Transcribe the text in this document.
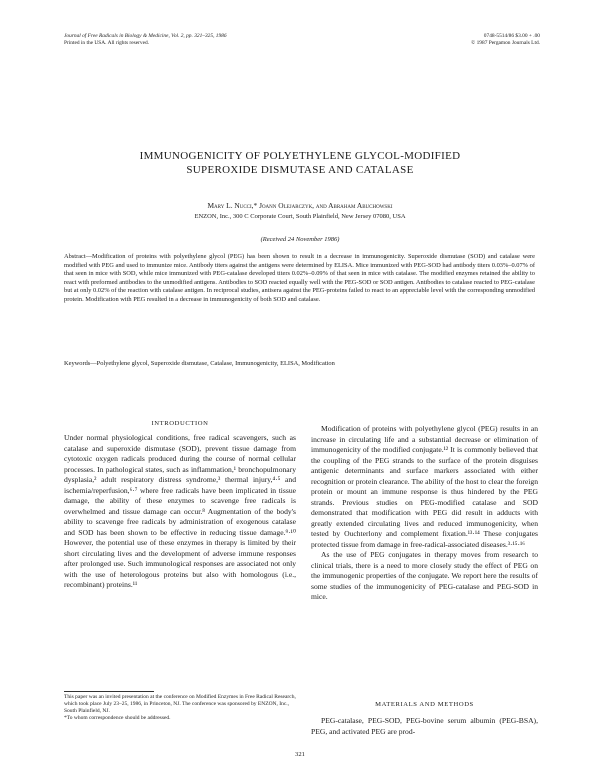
Journal of Free Radicals in Biology & Medicine, Vol. 2, pp. 321–325, 1986
Printed in the USA. All rights reserved.
0748-5514/86 $3.00 + .00
© 1987 Pergamon Journals Ltd.
IMMUNOGENICITY OF POLYETHYLENE GLYCOL-MODIFIED
SUPEROXIDE DISMUTASE AND CATALASE
Mary L. Nucci,* Joann Olejarczyk, and Abraham Abuchowski
ENZON, Inc., 300 C Corporate Court, South Plainfield, New Jersey 07080, USA
(Received 24 November 1986)
Abstract—Modification of proteins with polyethylene glycol (PEG) has been shown to result in a decrease in immunogenicity. Superoxide dismutase (SOD) and catalase were modified with PEG and used to immunize mice. Antibody titers against the antigens were determined by ELISA. Mice immunized with PEG-SOD had antibody titers 0.03%–0.07% of that seen in mice with SOD, while mice immunized with PEG-catalase developed titers 0.02%–0.09% of that seen in mice with catalase. The modified enzymes retained the ability to react with preformed antibodies to the unmodified antigens. Antibodies to SOD reacted equally well with the PEG-SOD or SOD antigen. Antibodies to catalase reacted to PEG-catalase but at only 0.02% of the reaction with catalase antigen. In reciprocal studies, antisera against the PEG-proteins failed to react to an appreciable level with the corresponding unmodified protein. Modification with PEG resulted in a decrease in immunogenicity of both SOD and catalase.
Keywords—Polyethylene glycol, Superoxide dismutase, Catalase, Immunogenicity, ELISA, Modification
INTRODUCTION
Under normal physiological conditions, free radical scavengers, such as catalase and superoxide dismutase (SOD), prevent tissue damage from cytotoxic oxygen radicals produced during the course of normal cellular processes. In pathological states, such as inflammation,¹ bronchopulmonary dysplasia,² adult respiratory distress syndrome,³ thermal injury,⁴·⁵ and ischemia/reperfusion,⁶·⁷ where free radicals have been implicated in tissue damage, the ability of these enzymes to scavenge free radicals is overwhelmed and tissue damage can occur.⁸ Augmentation of the body's ability to scavenge free radicals by administration of exogenous catalase and SOD has been shown to be effective in reducing tissue damage.⁹·¹⁰ However, the potential use of these enzymes in therapy is limited by their short circulating lives and the development of adverse immune responses after prolonged use. Such immunological responses are associated not only with the use of heterologous proteins but also with homologous (i.e., recombinant) proteins.¹¹

Modification of proteins with polyethylene glycol (PEG) results in an increase in circulating life and a substantial decrease or elimination of immunogenicity of the modified conjugate.¹² It is commonly believed that the coupling of the PEG strands to the surface of the protein disguises antigenic determinants and surface markers associated with either recognition or protein clearance. The ability of the host to clear the foreign protein or mount an immune response is thus hindered by the PEG strands. Previous studies on PEG-modified catalase and SOD demonstrated that modification with PEG did result in adducts with greatly extended circulating lives and reduced immunogenicity, when tested by Ouchterlony and complement fixation.¹³·¹⁴ These conjugates protected tissue from damage in free-radical-associated diseases.³·¹⁵·¹⁶

As the use of PEG conjugates in therapy moves from research to clinical trials, there is a need to more closely study the effect of PEG on the immunogenic properties of the conjugate. We report here the results of some studies of the immunogenicity of PEG-catalase and PEG-SOD in mice.

MATERIALS AND METHODS
PEG-catalase, PEG-SOD, PEG-bovine serum albumin (PEG-BSA), PEG, and activated PEG are prod-
This paper was an invited presentation at the conference on Modified Enzymes in Free Radical Research, which took place July 23–25, 1986, in Princeton, NJ. The conference was sponsored by ENZON, Inc., South Plainfield, NJ.
*To whom correspondence should be addressed.
321
